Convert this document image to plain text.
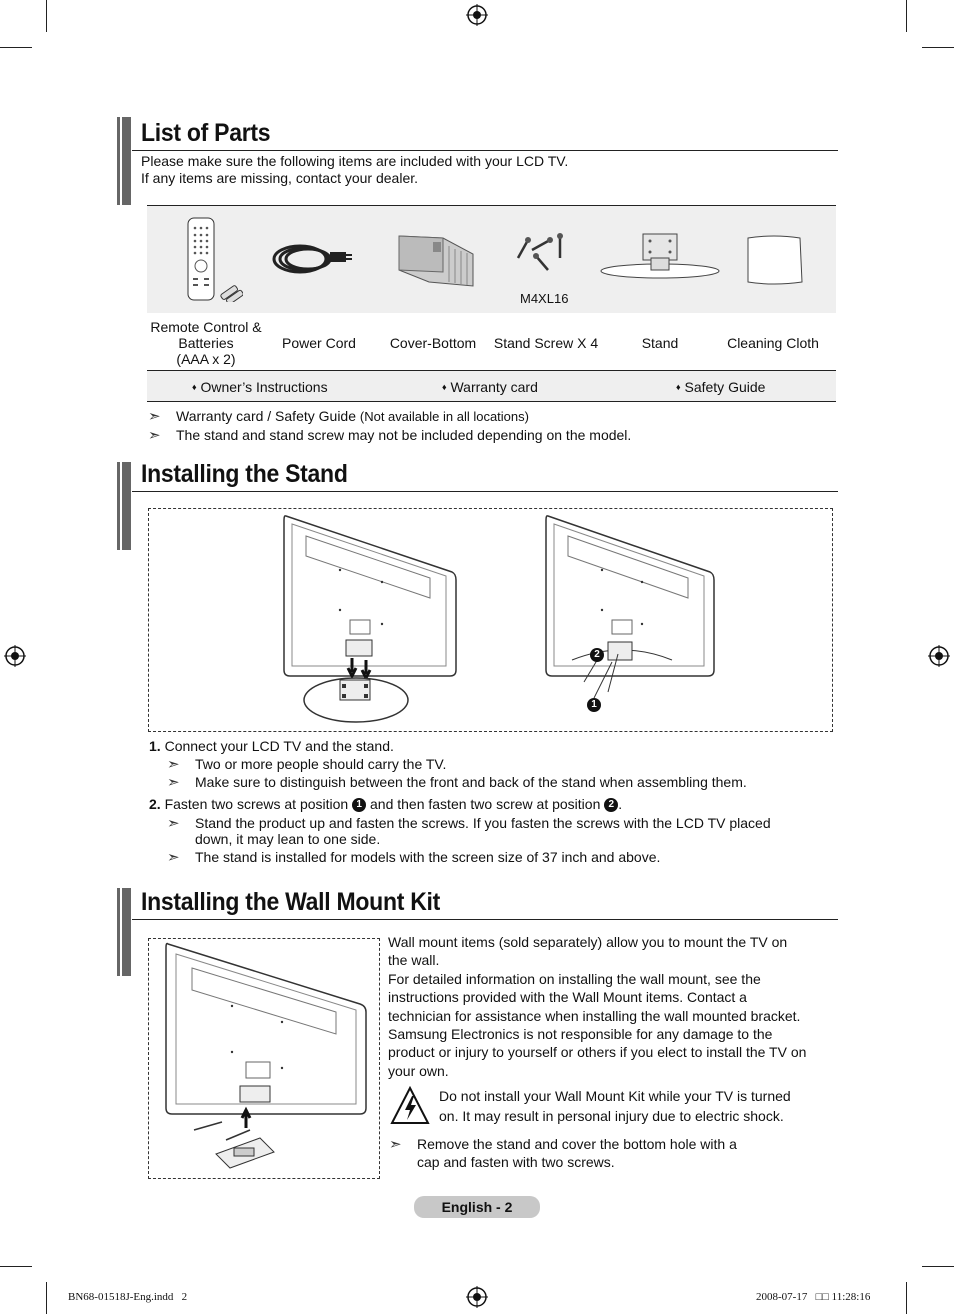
List of Parts
Please make sure the following items are included with your LCD TV.
If any items are missing, contact your dealer.
M4XL16
Remote Control &
Batteries
(AAA x 2)
Power Cord	Cover-Bottom	Stand Screw X 4	Stand	Cleaning Cloth
♦ Owner’s Instructions	♦ Warranty card	♦ Safety Guide
➣ Warranty card / Safety Guide (Not available in all locations)
➣ The stand and stand screw may not be included depending on the model.
Installing the Stand
2
1
1. Connect your LCD TV and the stand.
➣ Two or more people should carry the TV.
➣ Make sure to distinguish between the front and back of the stand when assembling them.
2. Fasten two screws at position 1 and then fasten two screw at position 2 .
➣ Stand the product up and fasten the screws. If you fasten the screws with the LCD TV placed
down, it may lean to one side.
➣ The stand is installed for models with the screen size of 37 inch and above.
Installing the Wall Mount Kit
Wall mount items (sold separately) allow you to mount the TV on
the wall.
For detailed information on installing the wall mount, see the
instructions provided with the Wall Mount items. Contact a
technician for assistance when installing the wall mounted bracket.
Samsung Electronics is not responsible for any damage to the
product or injury to yourself or others if you elect to install the TV on
your own.
Do not install your Wall Mount Kit while your TV is turned
on. It may result in personal injury due to electric shock.
➣ Remove the stand and cover the bottom hole with a
cap and fasten with two screws.
English - 2
BN68-01518J-Eng.indd 2	2008-07-17   □□ 11:28:16
